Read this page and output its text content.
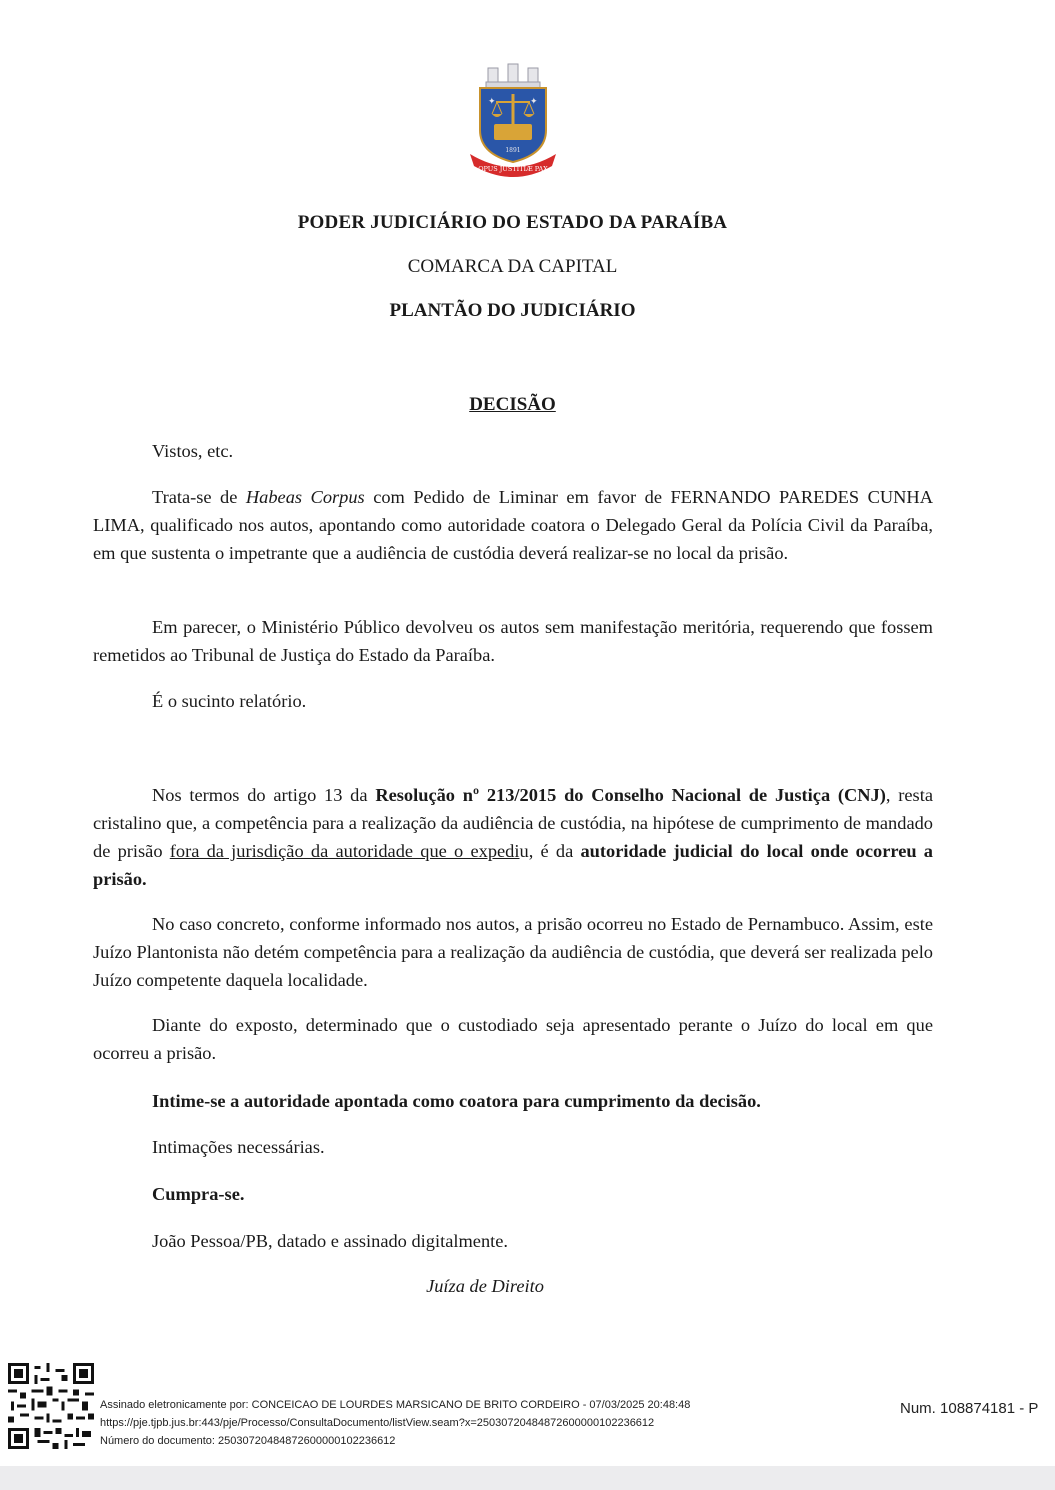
✦	✦
1891
OPUS JUSTITIÆ PAX
PODER JUDICIÁRIO DO ESTADO DA PARAÍBA
COMARCA DA CAPITAL
PLANTÃO DO JUDICIÁRIO
DECISÃO

Vistos, etc.

Trata-se de Habeas Corpus com Pedido de Liminar em favor de FERNANDO PAREDES CUNHA LIMA, qualificado nos autos, apontando como autoridade coatora o Delegado Geral da Polícia Civil da Paraíba, em que sustenta o impetrante que a audiência de custódia deverá realizar-se no local da prisão.

Em parecer, o Ministério Público devolveu os autos sem manifestação meritória, requerendo que fossem remetidos ao Tribunal de Justiça do Estado da Paraíba.

É o sucinto relatório.

Nos termos do artigo 13 da Resolução nº 213/2015 do Conselho Nacional de Justiça (CNJ), resta cristalino que, a competência para a realização da audiência de custódia, na hipótese de cumprimento de mandado de prisão fora da jurisdição da autoridade que o expediu, é da autoridade judicial do local onde ocorreu a prisão.

No caso concreto, conforme informado nos autos, a prisão ocorreu no Estado de Pernambuco. Assim, este Juízo Plantonista não detém competência para a realização da audiência de custódia, que deverá ser realizada pelo Juízo competente daquela localidade.

Diante do exposto, determinado que o custodiado seja apresentado perante o Juízo do local em que ocorreu a prisão.

Intime-se a autoridade apontada como coatora para cumprimento da decisão.

Intimações necessárias.

Cumpra-se.

João Pessoa/PB, datado e assinado digitalmente.

Juíza de Direito
Assinado eletronicamente por: CONCEICAO DE LOURDES MARSICANO DE BRITO CORDEIRO - 07/03/2025 20:48:48
https://pje.tjpb.jus.br:443/pje/Processo/ConsultaDocumento/listView.seam?x=25030720484872600000102236612
Número do documento: 25030720484872600000102236612
Num. 108874181 - P
